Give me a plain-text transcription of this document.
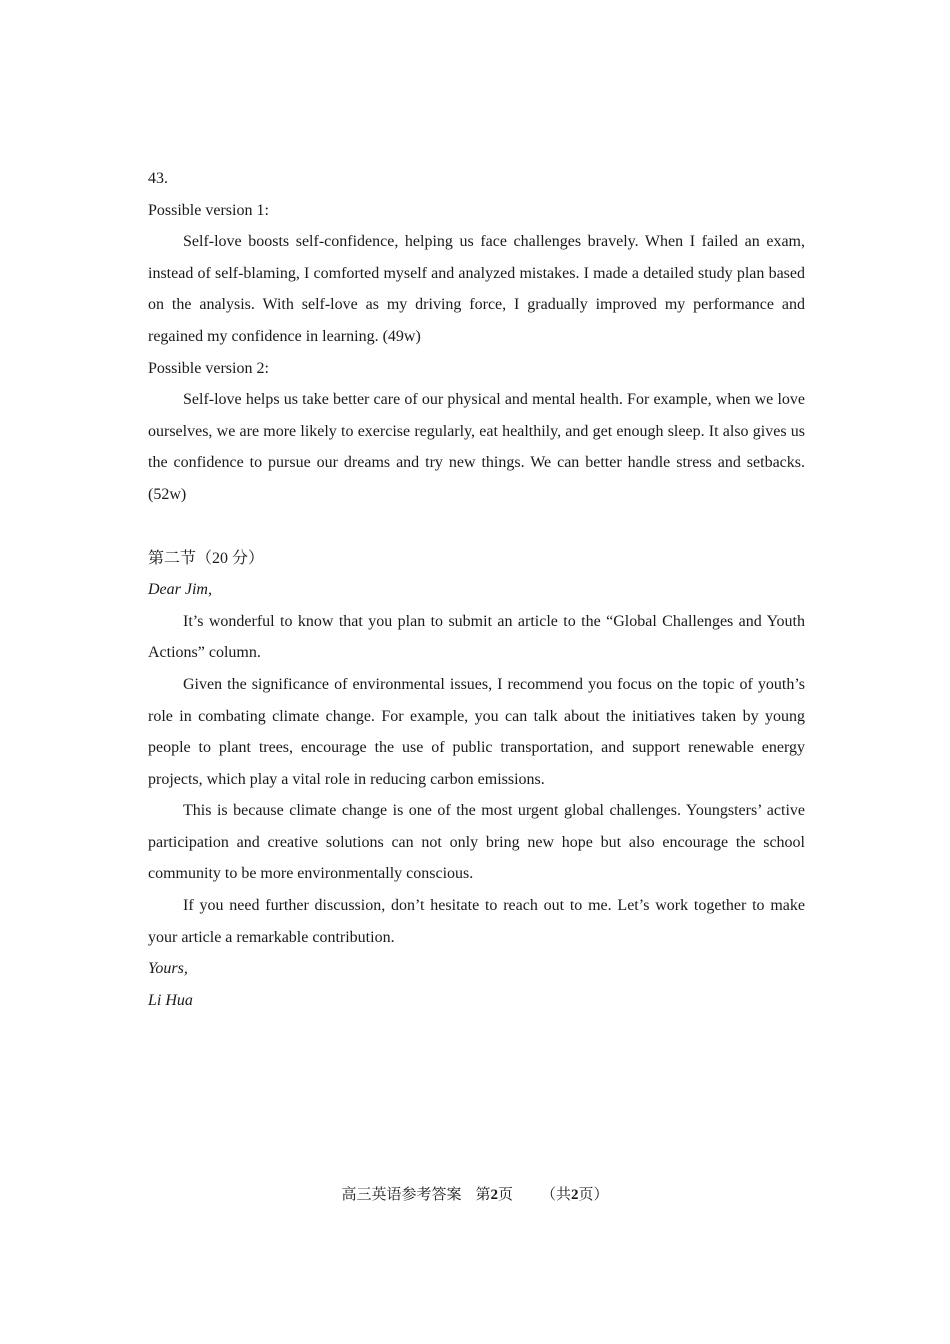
43.
Possible version 1:

Self-love boosts self-confidence, helping us face challenges bravely. When I failed an exam, instead of self-blaming, I comforted myself and analyzed mistakes. I made a detailed study plan based on the analysis. With self-love as my driving force, I gradually improved my performance and regained my confidence in learning. (49w)

Possible version 2:

Self-love helps us take better care of our physical and mental health. For example, when we love ourselves, we are more likely to exercise regularly, eat healthily, and get enough sleep. It also gives us the confidence to pursue our dreams and try new things. We can better handle stress and setbacks. (52w)

第二节（20 分）
Dear Jim,

It’s wonderful to know that you plan to submit an article to the “Global Challenges and Youth Actions” column.

Given the significance of environmental issues, I recommend you focus on the topic of youth’s role in combating climate change. For example, you can talk about the initiatives taken by young people to plant trees, encourage the use of public transportation, and support renewable energy projects, which play a vital role in reducing carbon emissions.

This is because climate change is one of the most urgent global challenges. Youngsters’ active participation and creative solutions can not only bring new hope but also encourage the school community to be more environmentally conscious.

If you need further discussion, don’t hesitate to reach out to me. Let’s work together to make your article a remarkable contribution.

Yours,
Li Hua
高三英语参考答案 第2页 （共2页）
